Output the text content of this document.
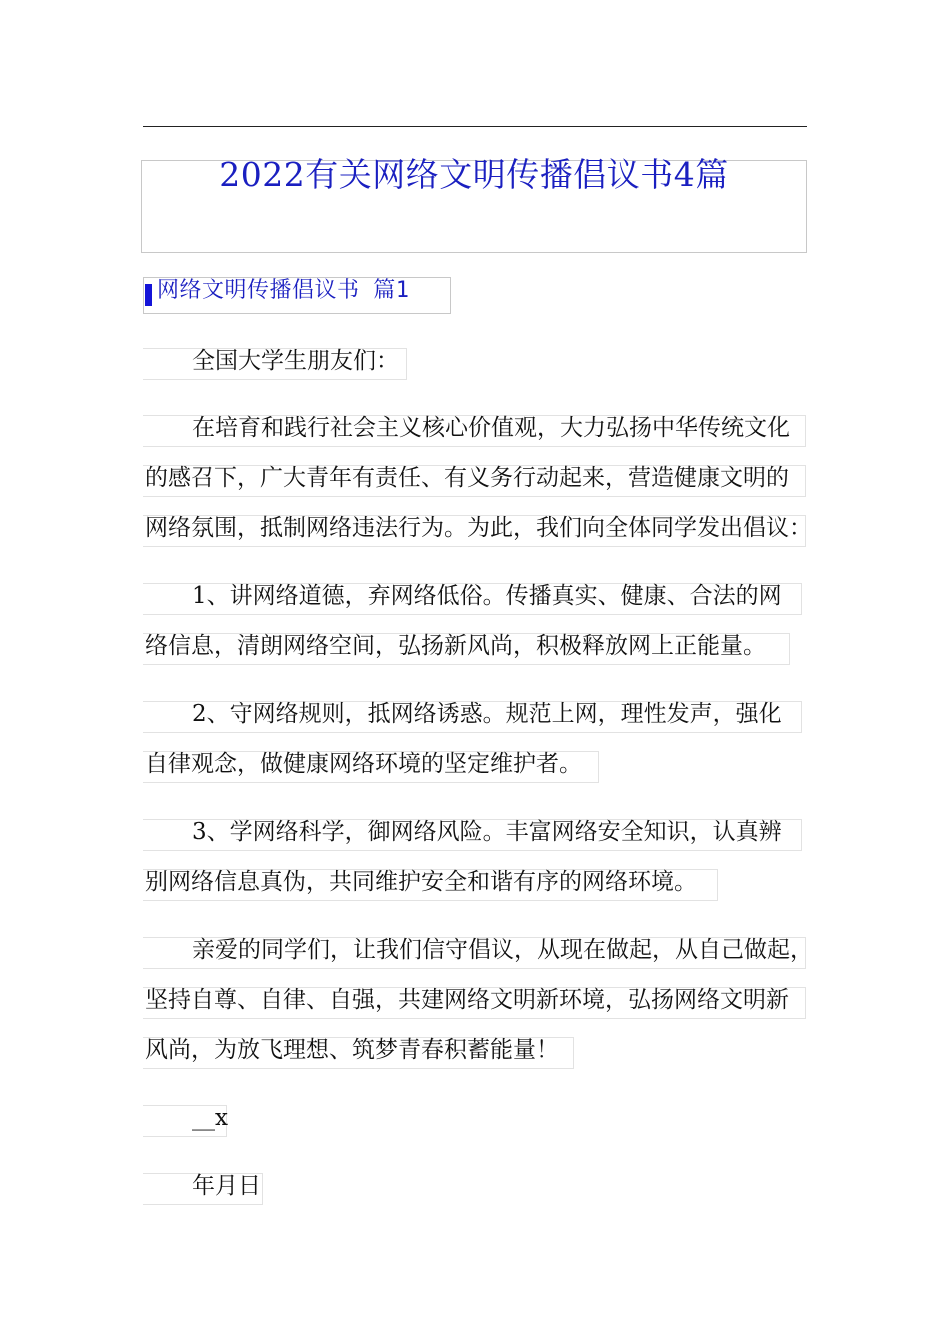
2022有关网络文明传播倡议书4篇
网络文明传播倡议书 篇1
全国大学生朋友们：
在培育和践行社会主义核心价值观，大力弘扬中华传统文化
的感召下，广大青年有责任、有义务行动起来，营造健康文明的
网络氛围，抵制网络违法行为。为此，我们向全体同学发出倡议：
1、讲网络道德，弃网络低俗。传播真实、健康、合法的网
络信息，清朗网络空间，弘扬新风尚，积极释放网上正能量。
2、守网络规则，抵网络诱惑。规范上网，理性发声，强化
自律观念，做健康网络环境的坚定维护者。
3、学网络科学，御网络风险。丰富网络安全知识，认真辨
别网络信息真伪，共同维护安全和谐有序的网络环境。
亲爱的同学们，让我们信守倡议，从现在做起，从自己做起，
坚持自尊、自律、自强，共建网络文明新环境，弘扬网络文明新
风尚，为放飞理想、筑梦青春积蓄能量！
__x
年月日
